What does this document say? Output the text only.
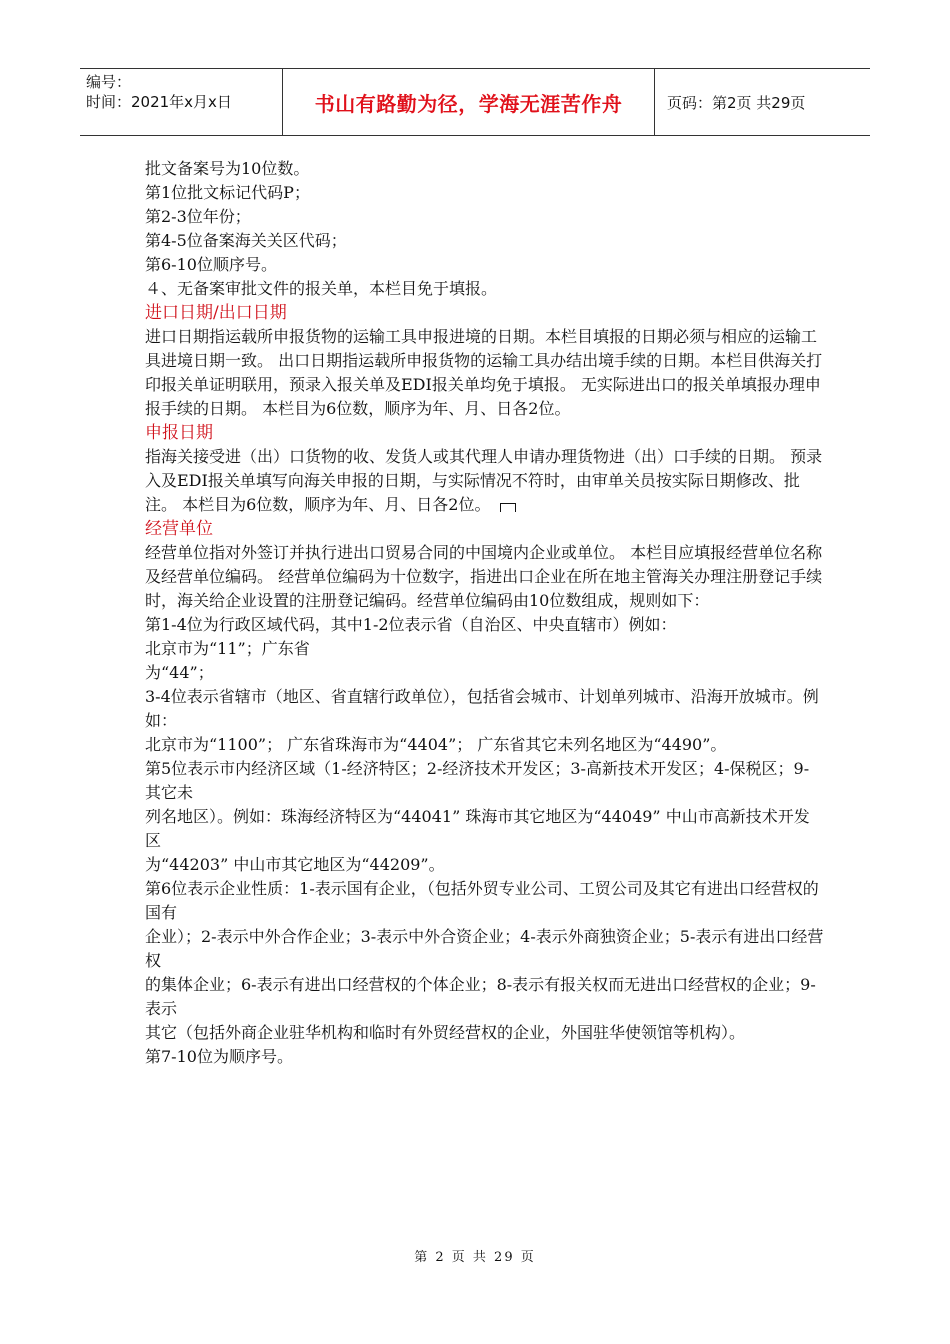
编号：
时间：2021年x月x日	书山有路勤为径，学海无涯苦作舟	页码：第2页 共29页

批文备案号为10位数。

第1位批文标记代码P；

第2-3位年份；

第4-5位备案海关关区代码；

第6-10位顺序号。

４、无备案审批文件的报关单，本栏目免于填报。

进口日期/出口日期

进口日期指运载所申报货物的运输工具申报进境的日期。本栏目填报的日期必须与相应的运输工具进境日期一致。 出口日期指运载所申报货物的运输工具办结出境手续的日期。本栏目供海关打印报关单证明联用，预录入报关单及EDI报关单均免于填报。 无实际进出口的报关单填报办理申报手续的日期。 本栏目为6位数，顺序为年、月、日各2位。

申报日期

指海关接受进（出）口货物的收、发货人或其代理人申请办理货物进（出）口手续的日期。 预录入及EDI报关单填写向海关申报的日期，与实际情况不符时，由审单关员按实际日期修改、批注。 本栏目为6位数，顺序为年、月、日各2位。

经营单位

经营单位指对外签订并执行进出口贸易合同的中国境内企业或单位。 本栏目应填报经营单位名称及经营单位编码。 经营单位编码为十位数字，指进出口企业在所在地主管海关办理注册登记手续时，海关给企业设置的注册登记编码。经营单位编码由10位数组成，规则如下：

第1-4位为行政区域代码，其中1-2位表示省（自治区、中央直辖市）例如：

北京市为“11”；广东省

为“44”；

3-4位表示省辖市（地区、省直辖行政单位），包括省会城市、计划单列城市、沿海开放城市。例如：

北京市为“1100”； 广东省珠海市为“4404”； 广东省其它未列名地区为“4490”。

第5位表示市内经济区域（1-经济特区；2-经济技术开发区；3-高新技术开发区；4-保税区；9-其它未

列名地区）。例如：珠海经济特区为“44041” 珠海市其它地区为“44049” 中山市高新技术开发区

为“44203” 中山市其它地区为“44209”。

第6位表示企业性质：1-表示国有企业，（包括外贸专业公司、工贸公司及其它有进出口经营权的国有

企业）；2-表示中外合作企业；3-表示中外合资企业；4-表示外商独资企业；5-表示有进出口经营权

的集体企业；6-表示有进出口经营权的个体企业；8-表示有报关权而无进出口经营权的企业；9-表示

其它（包括外商企业驻华机构和临时有外贸经营权的企业，外国驻华使领馆等机构）。

第7-10位为顺序号。

第 2 页 共 29 页
